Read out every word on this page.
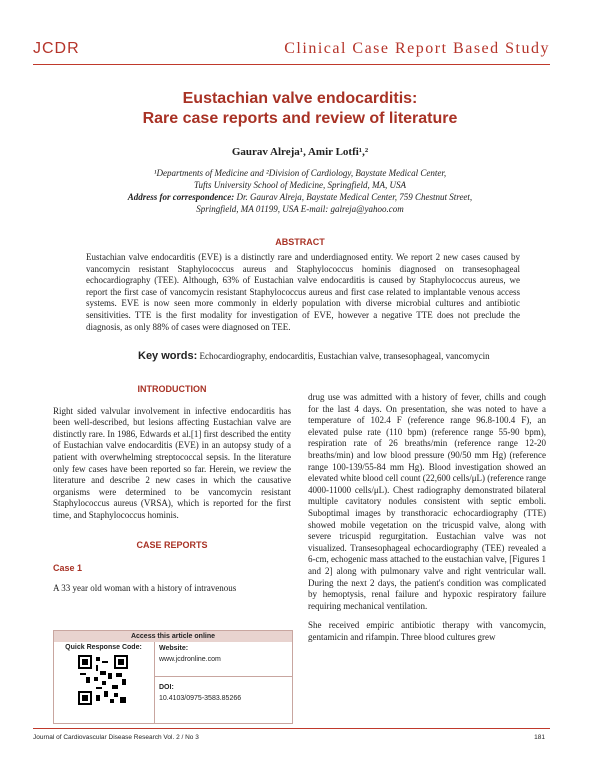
JCDR	Clinical Case Report Based Study
Eustachian valve endocarditis:
Rare case reports and review of literature
Gaurav Alreja¹, Amir Lotfi¹,²
¹Departments of Medicine and ²Division of Cardiology, Baystate Medical Center,
Tufts University School of Medicine, Springfield, MA, USA
Address for correspondence: Dr. Gaurav Alreja, Baystate Medical Center, 759 Chestnut Street,
Springfield, MA 01199, USA E-mail: galreja@yahoo.com
ABSTRACT
Eustachian valve endocarditis (EVE) is a distinctly rare and underdiagnosed entity. We report 2 new cases caused by vancomycin resistant Staphylococcus aureus and Staphylococcus hominis diagnosed on transesophageal echocardiography (TEE). Although, 63% of Eustachian valve endocarditis is caused by Staphylococcus aureus, we report the first case of vancomycin resistant Staphylococcus aureus and first case related to implantable venous access systems. EVE is now seen more commonly in elderly population with diverse microbial cultures and antibiotic sensitivities. TTE is the first modality for investigation of EVE, however a negative TTE does not preclude the diagnosis, as only 88% of cases were diagnosed on TEE.
Key words: Echocardiography, endocarditis, Eustachian valve, transesophageal, vancomycin
INTRODUCTION

Right sided valvular involvement in infective endocarditis has been well-described, but lesions affecting Eustachian valve are distinctly rare. In 1986, Edwards et al.[1] first described the entity of Eustachian valve endocarditis (EVE) in an autopsy study of a patient with overwhelming streptococcal sepsis. In the literature only few cases have been reported so far. Herein, we review the literature and describe 2 new cases in which the causative organisms were determined to be vancomycin resistant Staphylococcus aureus (VRSA), which is reported for the first time, and Staphylococcus hominis.

CASE REPORTS
Case 1

A 33 year old woman with a history of intravenous

drug use was admitted with a history of fever, chills and cough for the last 4 days. On presentation, she was noted to have a temperature of 102.4 F (reference range 96.8-100.4 F), an elevated pulse rate (110 bpm) (reference range 55-90 bpm), respiration rate of 26 breaths/min (reference range 12-20 breaths/min) and low blood pressure (90/50 mm Hg) (reference range 100-139/55-84 mm Hg). Blood investigation showed an elevated white blood cell count (22,600 cells/μL) (reference range 4000-11000 cells/μL). Chest radiography demonstrated bilateral multiple cavitatory nodules consistent with septic emboli. Suboptimal images by transthoracic echocardiography (TTE) showed mobile vegetation on the tricuspid valve, along with severe tricuspid regurgitation. Eustachian valve was not visualized. Transesophageal echocardiography (TEE) revealed a 6-cm, echogenic mass attached to the eustachian valve, [Figures 1 and 2] along with pulmonary valve and right ventricular wall. During the next 2 days, the patient's condition was complicated by hemoptysis, renal failure and hypoxic respiratory failure requiring mechanical ventilation.

She received empiric antibiotic therapy with vancomycin, gentamicin and rifampin. Three blood cultures grew

Access this article online
Quick Response Code:	Website:
www.jcdronline.com
DOI:
10.4103/0975-3583.85266
Journal of Cardiovascular Disease Research Vol. 2 / No 3	181
